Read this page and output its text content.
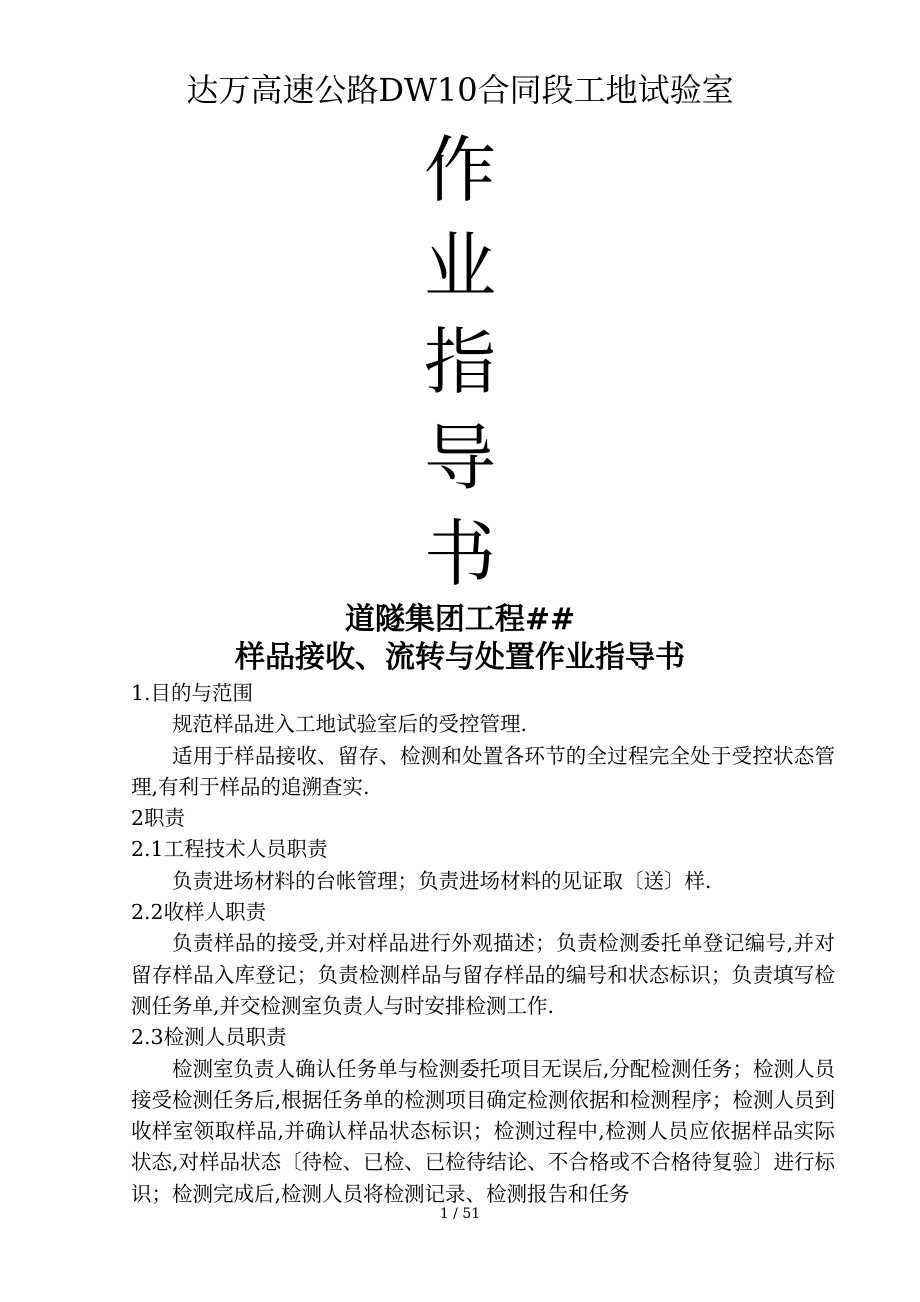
达万高速公路DW10合同段工地试验室
作
业
指
导
书
道隧集团工程##
样品接收、流转与处置作业指导书

1.目的与范围

规范样品进入工地试验室后的受控管理.

适用于样品接收、留存、检测和处置各环节的全过程完全处于受控状态管理,有利于样品的追溯查实.

2职责

2.1工程技术人员职责

负责进场材料的台帐管理；负责进场材料的见证取〔送〕样.

2.2收样人职责

负责样品的接受,并对样品进行外观描述；负责检测委托单登记编号,并对留存样品入库登记；负责检测样品与留存样品的编号和状态标识；负责填写检测任务单,并交检测室负责人与时安排检测工作.

2.3检测人员职责

检测室负责人确认任务单与检测委托项目无误后,分配检测任务；检测人员接受检测任务后,根据任务单的检测项目确定检测依据和检测程序；检测人员到收样室领取样品,并确认样品状态标识；检测过程中,检测人员应依据样品实际状态,对样品状态〔待检、已检、已检待结论、不合格或不合格待复验〕进行标识；检测完成后,检测人员将检测记录、检测报告和任务

1 / 51
